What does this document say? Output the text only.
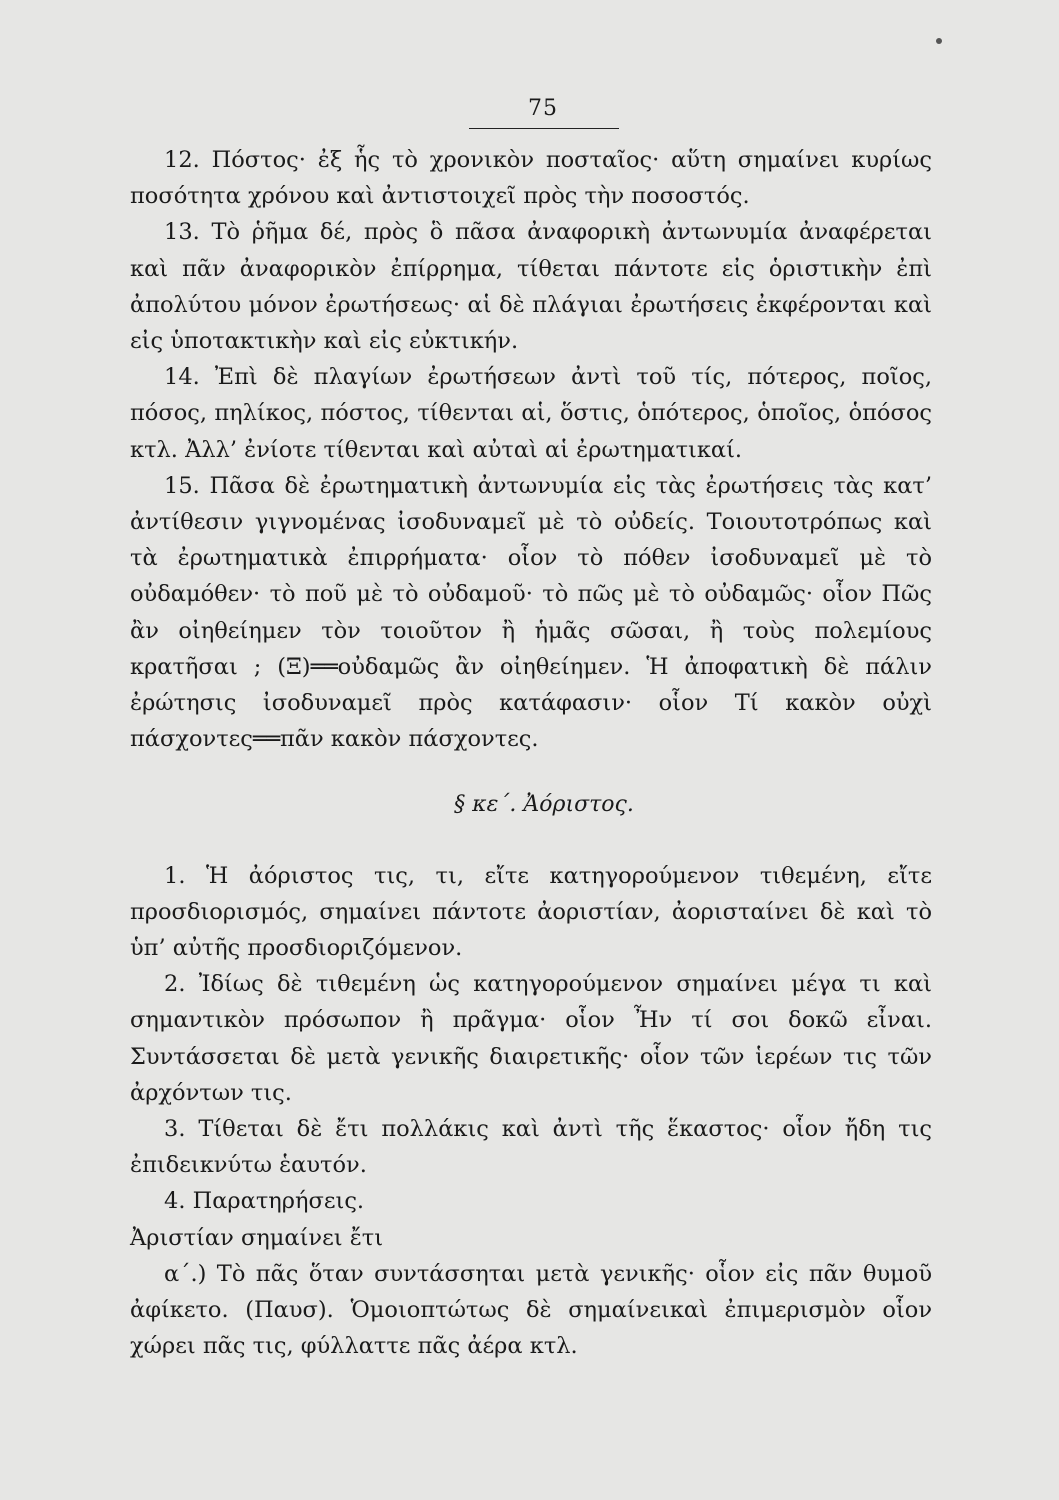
75

12. Πόστος· ἐξ ἧς τὸ χρονικὸν ποσταῖος· αὕτη σημαίνει κυρίως ποσότητα χρόνου καὶ ἀντιστοιχεῖ πρὸς τὴν ποσοστός.

13. Τὸ ῥῆμα δέ, πρὸς ὃ πᾶσα ἀναφορικὴ ἀντωνυμία ἀναφέρεται καὶ πᾶν ἀναφορικὸν ἐπίρρημα, τίθεται πάντοτε εἰς ὁριστικὴν ἐπὶ ἀπολύτου μόνον ἐρωτήσεως· αἱ δὲ πλάγιαι ἐρωτήσεις ἐκφέρονται καὶ εἰς ὑποτακτικὴν καὶ εἰς εὐκτικήν.

14. Ἐπὶ δὲ πλαγίων ἐρωτήσεων ἀντὶ τοῦ τίς, πότερος, ποῖος, πόσος, πηλίκος, πόστος, τίθενται αἱ, ὅστις, ὁπότερος, ὁποῖος, ὁπόσος κτλ. Ἀλλ’ ἐνίοτε τίθενται καὶ αὐταὶ αἱ ἐρωτηματικαί.

15. Πᾶσα δὲ ἐρωτηματικὴ ἀντωνυμία εἰς τὰς ἐρωτήσεις τὰς κατ’ ἀντίθεσιν γιγνομένας ἰσοδυναμεῖ μὲ τὸ οὐδείς. Τοιουτοτρόπως καὶ τὰ ἐρωτηματικὰ ἐπιρρήματα· οἷον τὸ πόθεν ἰσοδυναμεῖ μὲ τὸ οὐδαμόθεν· τὸ ποῦ μὲ τὸ οὐδαμοῦ· τὸ πῶς μὲ τὸ οὐδαμῶς· οἷον Πῶς ἂν οἰηθείημεν τὸν τοιοῦτον ἢ ἡμᾶς σῶσαι, ἢ τοὺς πολεμίους κρατῆσαι ; (Ξ)══οὐδαμῶς ἂν οἰηθείημεν. Ἡ ἀποφατικὴ δὲ πάλιν ἐρώτησις ἰσοδυναμεῖ πρὸς κατάφασιν· οἷον Τί κακὸν οὐχὶ πάσχοντες══πᾶν κακὸν πάσχοντες.

§ κε΄. Ἀόριστος.

1. Ἡ ἀόριστος τις, τι, εἴτε κατηγορούμενον τιθεμένη, εἴτε προσδιορισμός, σημαίνει πάντοτε ἀοριστίαν, ἀορισταίνει δὲ καὶ τὸ ὑπ’ αὐτῆς προσδιοριζόμενον.

2. Ἰδίως δὲ τιθεμένη ὡς κατηγορούμενον σημαίνει μέγα τι καὶ σημαντικὸν πρόσωπον ἢ πρᾶγμα· οἷον Ἦν τί σοι δοκῶ εἶναι. Συντάσσεται δὲ μετὰ γενικῆς διαιρετικῆς· οἷον τῶν ἱερέων τις τῶν ἀρχόντων τις.

3. Τίθεται δὲ ἔτι πολλάκις καὶ ἀντὶ τῆς ἕκαστος· οἷον ἤδη τις ἐπιδεικνύτω ἑαυτόν.

4. Παρατηρήσεις.

Ἀριστίαν σημαίνει ἔτι

α΄.) Τὸ πᾶς ὅταν συντάσσηται μετὰ γενικῆς· οἷον εἰς πᾶν θυμοῦ ἀφίκετο. (Παυσ). Ὁμοιοπτώτως δὲ σημαίνεικαὶ ἐπιμερισμὸν οἷον χώρει πᾶς τις, φύλλαττε πᾶς ἀέρα κτλ.
